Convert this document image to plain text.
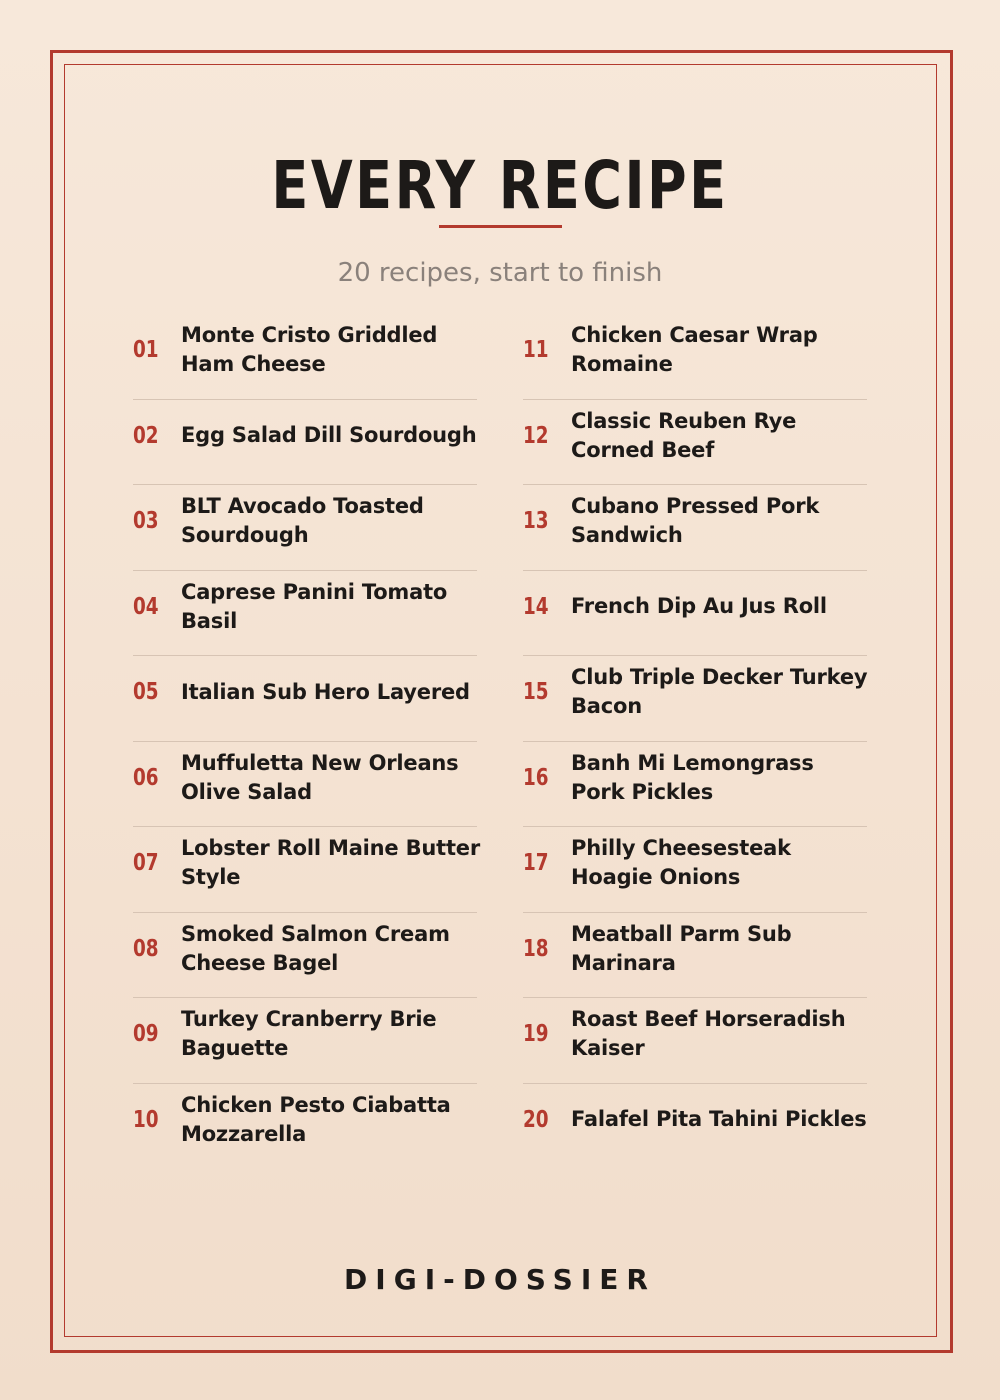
EVERY RECIPE
20 recipes, start to finish
01
Monte Cristo Griddled Ham Cheese
02 Egg Salad Dill Sourdough
03
BLT Avocado Toasted Sourdough
04
Caprese Panini Tomato Basil
05 Italian Sub Hero Layered
06
Muffuletta New Orleans Olive Salad
07
Lobster Roll Maine Butter Style
08
Smoked Salmon Cream Cheese Bagel
09
Turkey Cranberry Brie Baguette
10
Chicken Pesto Ciabatta Mozzarella
11
Chicken Caesar Wrap Romaine
12
Classic Reuben Rye Corned Beef
13
Cubano Pressed Pork Sandwich
14 French Dip Au Jus Roll
15
Club Triple Decker Turkey Bacon
16
Banh Mi Lemongrass Pork Pickles
17
Philly Cheesesteak Hoagie Onions
18
Meatball Parm Sub Marinara
19
Roast Beef Horseradish Kaiser
20 Falafel Pita Tahini Pickles
DIGI-DOSSIER
